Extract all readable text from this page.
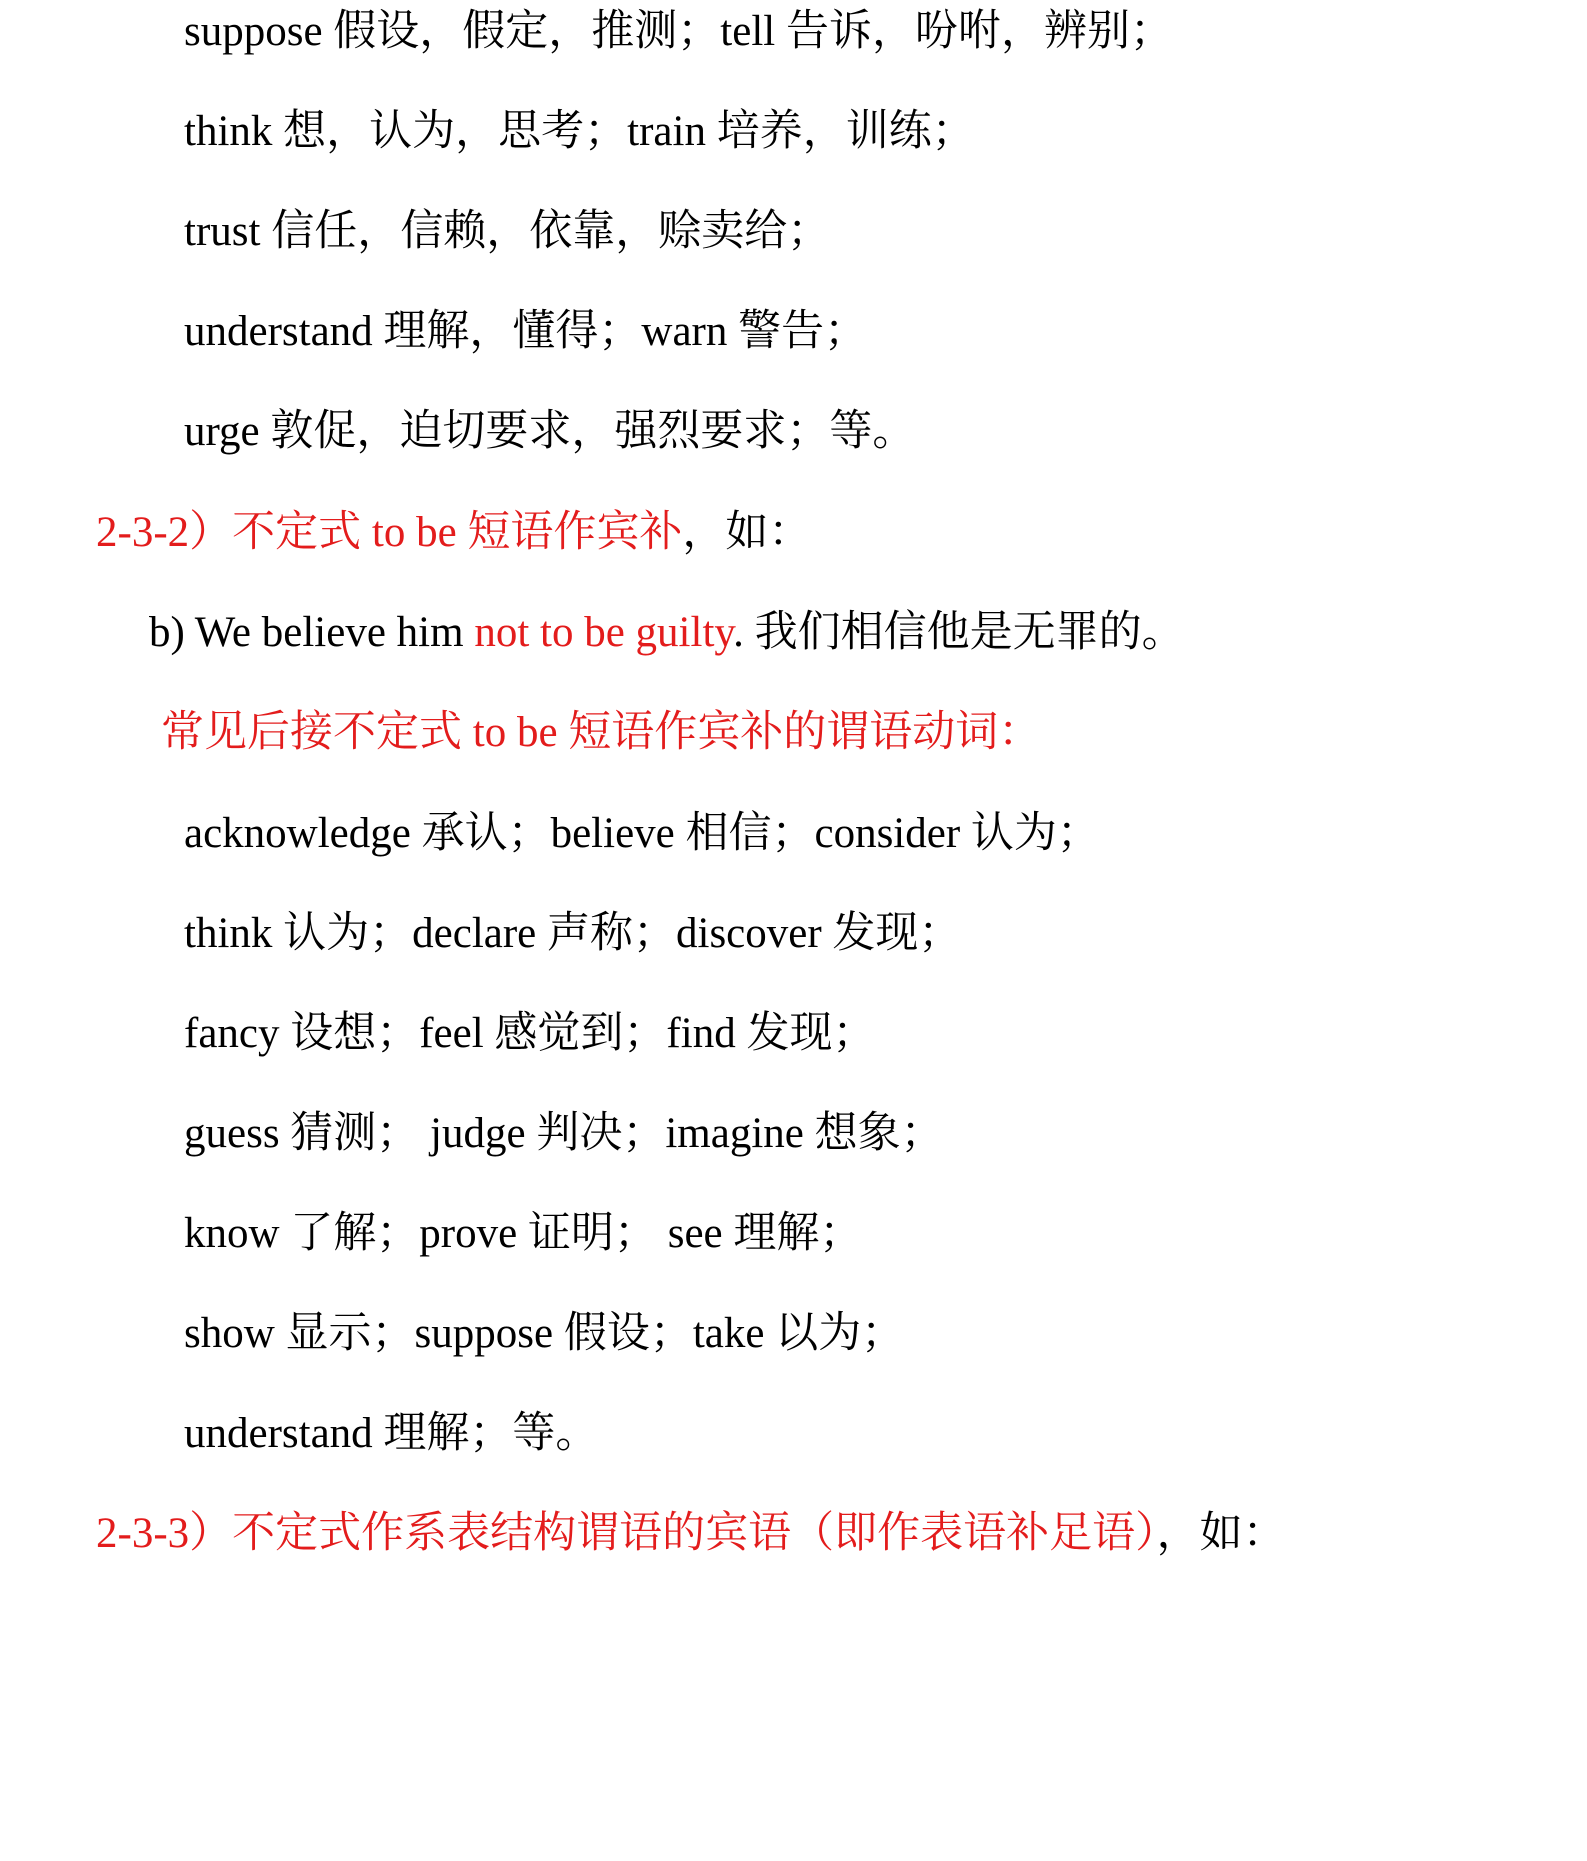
suppose 假设，假定，推测；tell 告诉，吩咐，辨别；
think 想，认为，思考；train 培养，训练；
trust 信任，信赖，依靠，赊卖给；
understand 理解，懂得；warn 警告；
urge 敦促，迫切要求，强烈要求；等。
2-3-2）不定式 to be 短语作宾补，如：
b) We believe him not to be guilty. 我们相信他是无罪的。
常见后接不定式 to be 短语作宾补的谓语动词：
acknowledge 承认；believe 相信；consider 认为；
think 认为；declare 声称；discover 发现；
fancy 设想；feel 感觉到；find 发现；
guess 猜测； judge 判决；imagine 想象；
know 了解；prove 证明； see 理解；
show 显示；suppose 假设；take 以为；
understand 理解；等。
2-3-3）不定式作系表结构谓语的宾语（即作表语补足语），如：
